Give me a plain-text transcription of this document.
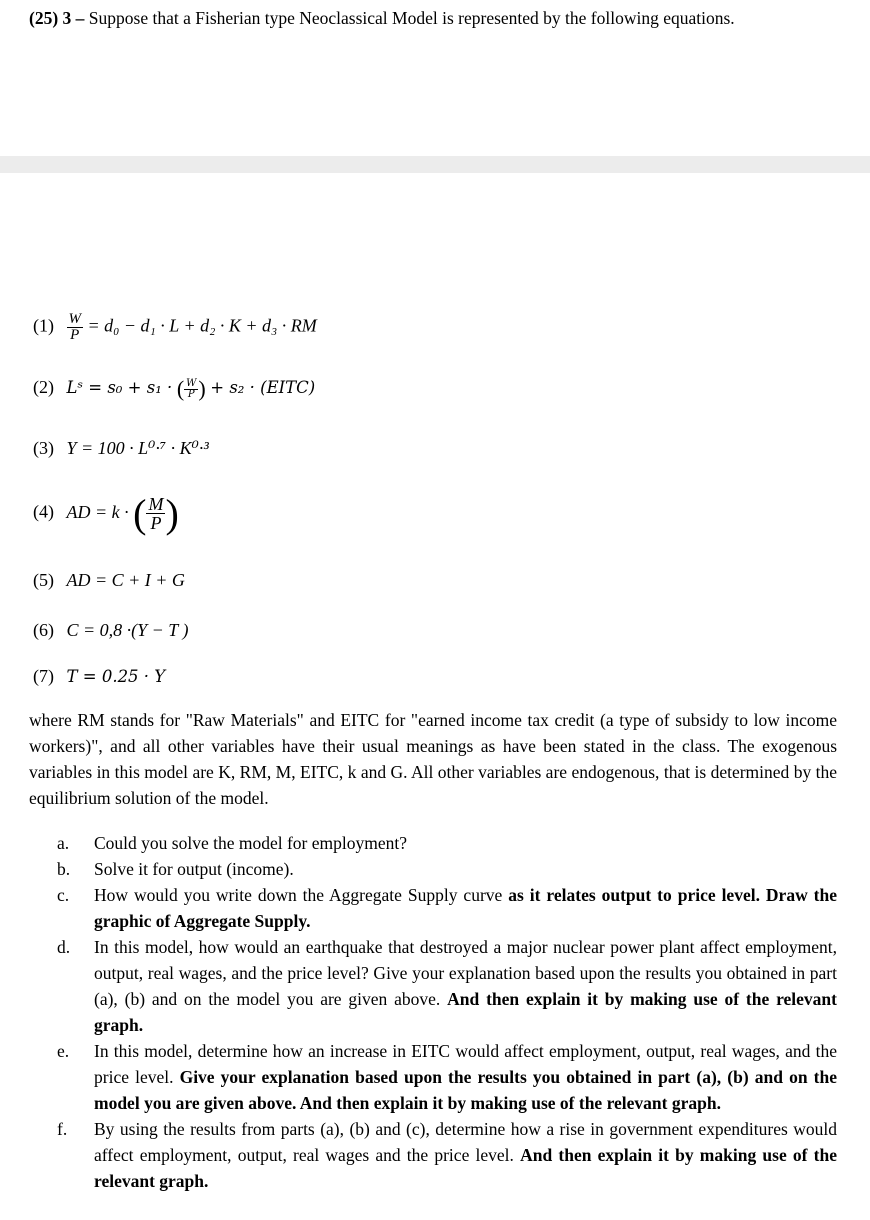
(25) 3 – Suppose that a Fisherian type Neoclassical Model is represented by the following equations.
$(1) \frac{W}{P} = d_0 - d_1 \cdot L + d_2 \cdot K + d_3$ · RM
(2) Lˢ = s₀ + s₁ · ( $\frac{W}{P}$ ) + s₂ · (EITC)
(3) Y = 100 · L⁰·⁷ · K⁰·³
(4) AD = k · ( $\frac{M}{P}$ )
(5) AD = C + I + G
(6) C = 0,8 ·(Y − T )
(7) T = 0.25 · Y
where RM stands for "Raw Materials" and EITC for "earned income tax credit (a type of subsidy to low income workers)", and all other variables have their usual meanings as have been stated in the class. The exogenous variables in this model are K, RM, M, EITC, k and G. All other variables are endogenous, that is determined by the equilibrium solution of the model.
a.	Could you solve the model for employment?
b.	Solve it for output (income).
c.	How would you write down the Aggregate Supply curve as it relates output to price level. Draw the graphic of Aggregate Supply.
d.	In this model, how would an earthquake that destroyed a major nuclear power plant affect employment, output, real wages, and the price level? Give your explanation based upon the results you obtained in part (a), (b) and on the model you are given above. And then explain it by making use of the relevant graph.
e.	In this model, determine how an increase in EITC would affect employment, output, real wages, and the price level. Give your explanation based upon the results you obtained in part (a), (b) and on the model you are given above. And then explain it by making use of the relevant graph.
f.	By using the results from parts (a), (b) and (c), determine how a rise in government expenditures would affect employment, output, real wages and the price level. And then explain it by making use of the relevant graph.
